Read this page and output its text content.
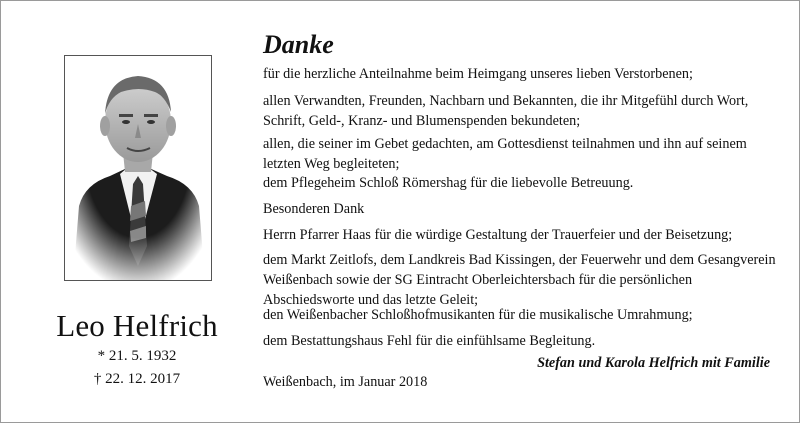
Leo Helfrich
* 21. 5. 1932
† 22. 12. 2017
Danke
für die herzliche Anteilnahme beim Heimgang unseres lieben Verstorbenen;
allen Verwandten, Freunden, Nachbarn und Bekannten, die ihr Mitgefühl durch Wort, Schrift, Geld-, Kranz- und Blumenspenden bekundeten;
allen, die seiner im Gebet gedachten, am Gottesdienst teilnahmen und ihn auf seinem letzten Weg begleiteten;
dem Pflegeheim Schloß Römershag für die liebevolle Betreuung.
Besonderen Dank
Herrn Pfarrer Haas für die würdige Gestaltung der Trauerfeier und der Beisetzung;
dem Markt Zeitlofs, dem Landkreis Bad Kissingen, der Feuerwehr und dem Gesangverein Weißenbach sowie der SG Eintracht Oberleichtersbach für die persönlichen Abschiedsworte und das letzte Geleit;
den Weißenbacher Schloßhofmusikanten für die musikalische Umrahmung;
dem Bestattungshaus Fehl für die einfühlsame Begleitung.
Stefan und Karola Helfrich mit Familie
Weißenbach, im Januar 2018
